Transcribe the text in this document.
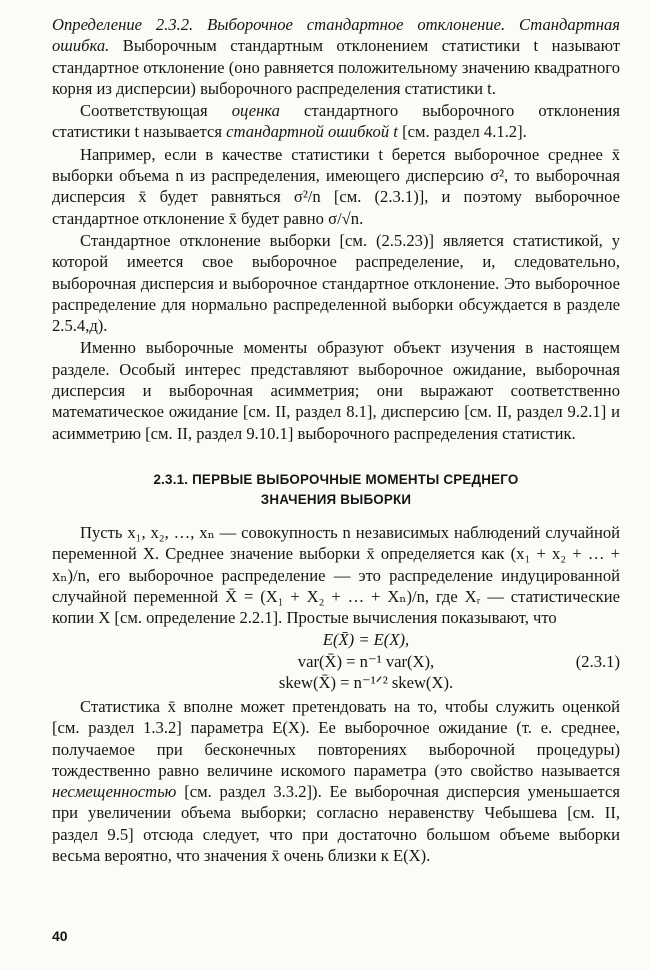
Определение 2.3.2. Выборочное стандартное отклонение. Стандартная ошибка. Выборочным стандартным отклонением статистики t называют стандартное отклонение (оно равняется положительному значению квадратного корня из дисперсии) выборочного распределения статистики t.

Соответствующая оценка стандартного выборочного отклонения статистики t называется стандартной ошибкой t [см. раздел 4.1.2].

Например, если в качестве статистики t берется выборочное среднее x̄ выборки объема n из распределения, имеющего дисперсию σ², то выборочная дисперсия x̄ будет равняться σ²/n [см. (2.3.1)], и поэтому выборочное стандартное отклонение x̄ будет равно σ/√n.

Стандартное отклонение выборки [см. (2.5.23)] является статистикой, у которой имеется свое выборочное распределение, и, следовательно, выборочная дисперсия и выборочное стандартное отклонение. Это выборочное распределение для нормально распределенной выборки обсуждается в разделе 2.5.4,д).

Именно выборочные моменты образуют объект изучения в настоящем разделе. Особый интерес представляют выборочное ожидание, выборочная дисперсия и выборочная асимметрия; они выражают соответственно математическое ожидание [см. II, раздел 8.1], дисперсию [см. II, раздел 9.2.1] и асимметрию [см. II, раздел 9.10.1] выборочного распределения статистик.

2.3.1. ПЕРВЫЕ ВЫБОРОЧНЫЕ МОМЕНТЫ СРЕДНЕГО
ЗНАЧЕНИЯ ВЫБОРКИ

Пусть x₁, x₂, …, xₙ — совокупность n независимых наблюдений случайной переменной X. Среднее значение выборки x̄ определяется как (x₁ + x₂ + … + xₙ)/n, его выборочное распределение — это распределение индуцированной случайной переменной X̄ = (X₁ + X₂ + … + Xₙ)/n, где Xᵣ — статистические копии X [см. определение 2.2.1]. Простые вычисления показывают, что

E(X̄) = E(X),
var(X̄) = n⁻¹ var(X),
skew(X̄) = n⁻¹ᐟ² skew(X).
(2.3.1)

Статистика x̄ вполне может претендовать на то, чтобы служить оценкой [см. раздел 1.3.2] параметра E(X). Ее выборочное ожидание (т. е. среднее, получаемое при бесконечных повторениях выборочной процедуры) тождественно равно величине искомого параметра (это свойство называется несмещенностью [см. раздел 3.3.2]). Ее выборочная дисперсия уменьшается при увеличении объема выборки; согласно неравенству Чебышева [см. II, раздел 9.5] отсюда следует, что при достаточно большом объеме выборки весьма вероятно, что значения x̄ очень близки к E(X).

40
